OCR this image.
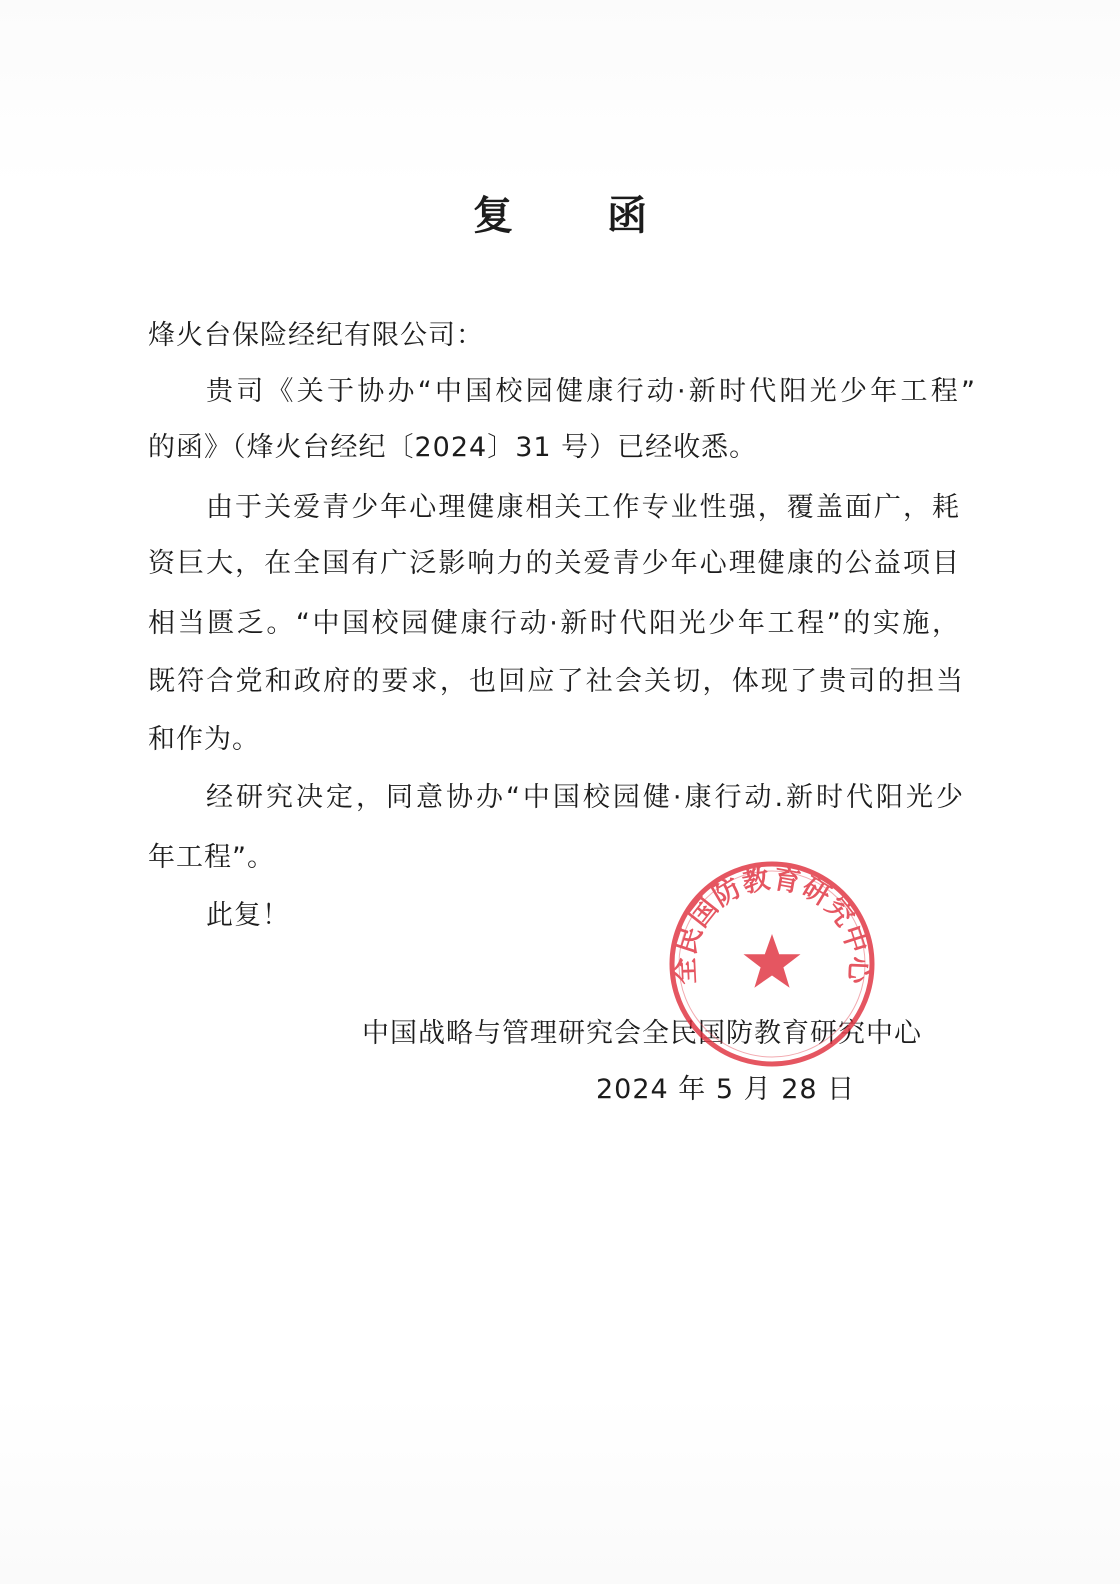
复 函
烽火台保险经纪有限公司：
贵司《关于协办“中国校园健康行动·新时代阳光少年工程”
的函》（烽火台经纪〔2024〕31 号）已经收悉。
由于关爱青少年心理健康相关工作专业性强，覆盖面广，耗
资巨大，在全国有广泛影响力的关爱青少年心理健康的公益项目
相当匮乏。“中国校园健康行动·新时代阳光少年工程”的实施，
既符合党和政府的要求，也回应了社会关切，体现了贵司的担当
和作为。
经研究决定，同意协办“中国校园健·康行动.新时代阳光少
年工程”。
此复！
中国战略与管理研究会全民国防教育研究中心
2024 年 5 月 28 日
全民国防教育研究中心
